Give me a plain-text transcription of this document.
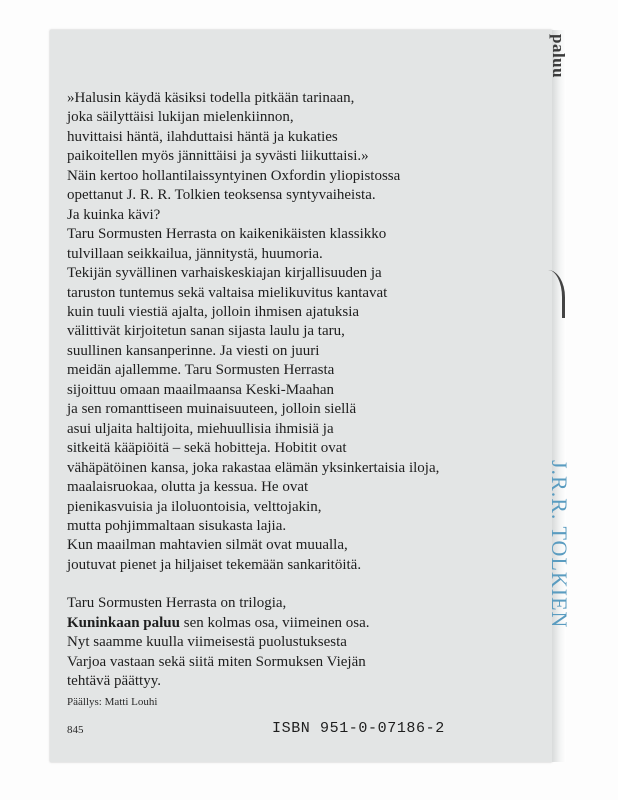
paluu
J.R.R. TOLKIEN

»Halusin käydä käsiksi todella pitkään tarinaan,

joka säilyttäisi lukijan mielenkiinnon,

huvittaisi häntä, ilahduttaisi häntä ja kukaties

paikoitellen myös jännittäisi ja syvästi liikuttaisi.»

Näin kertoo hollantilaissyntyinen Oxfordin yliopistossa

opettanut J. R. R. Tolkien teoksensa syntyvaiheista.

Ja kuinka kävi?

Taru Sormusten Herrasta on kaikenikäisten klassikko

tulvillaan seikkailua, jännitystä, huumoria.

Tekijän syvällinen varhaiskeskiajan kirjallisuuden ja

taruston tuntemus sekä valtaisa mielikuvitus kantavat

kuin tuuli viestiä ajalta, jolloin ihmisen ajatuksia

välittivät kirjoitetun sanan sijasta laulu ja taru,

suullinen kansanperinne. Ja viesti on juuri

meidän ajallemme. Taru Sormusten Herrasta

sijoittuu omaan maailmaansa Keski-Maahan

ja sen romanttiseen muinaisuuteen, jolloin siellä

asui uljaita haltijoita, miehuullisia ihmisiä ja

sitkeitä kääpiöitä – sekä hobitteja. Hobitit ovat

vähäpätöinen kansa, joka rakastaa elämän yksinkertaisia iloja,

maalaisruokaa, olutta ja kessua. He ovat

pienikasvuisia ja iloluontoisia, velttojakin,

mutta pohjimmaltaan sisukasta lajia.

Kun maailman mahtavien silmät ovat muualla,

joutuvat pienet ja hiljaiset tekemään sankaritöitä.

Taru Sormusten Herrasta on trilogia,

Kuninkaan paluu sen kolmas osa, viimeinen osa.

Nyt saamme kuulla viimeisestä puolustuksesta

Varjoa vastaan sekä siitä miten Sormuksen Viejän

tehtävä päättyy.

Päällys: Matti Louhi
845	ISBN 951-0-07186-2
